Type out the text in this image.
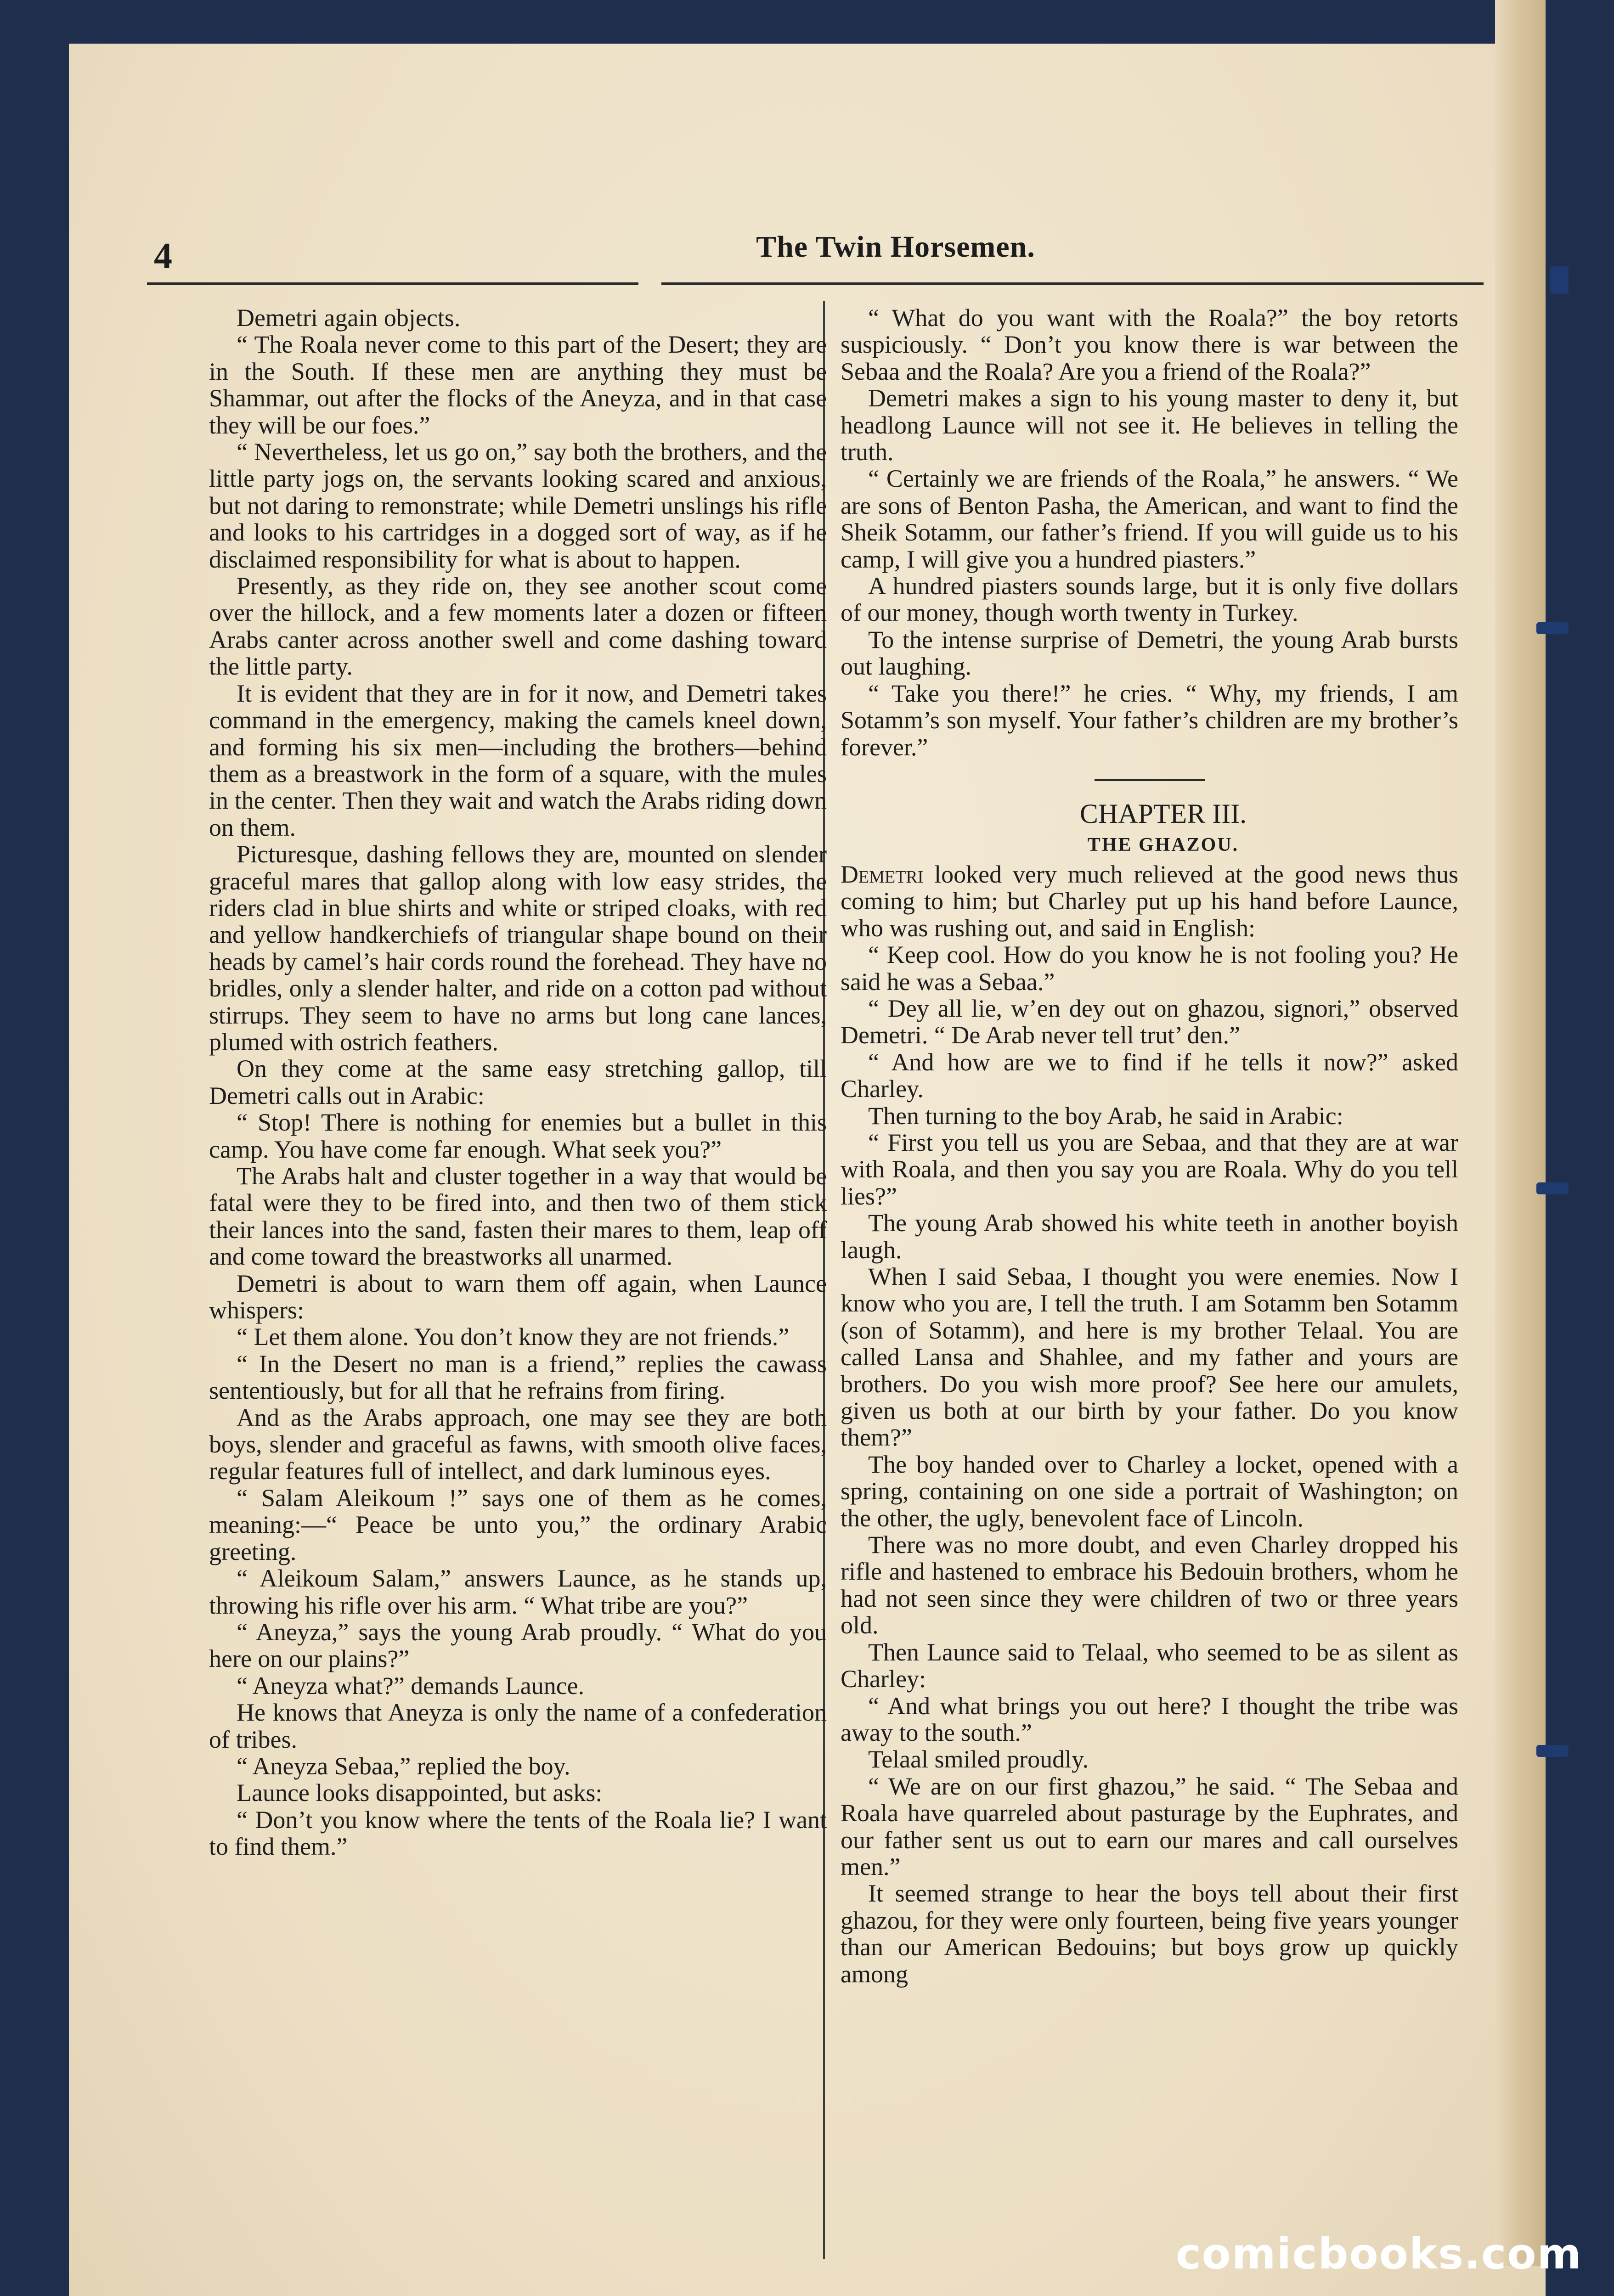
4	The Twin Horsemen.

Demetri again objects.

“ The Roala never come to this part of the Desert; they are in the South. If these men are anything they must be Shammar, out after the flocks of the Aneyza, and in that case they will be our foes.”

“ Nevertheless, let us go on,” say both the brothers, and the little party jogs on, the servants looking scared and anxious, but not daring to remonstrate; while Demetri unslings his rifle and looks to his cartridges in a dogged sort of way, as if he disclaimed responsibility for what is about to happen.

Presently, as they ride on, they see another scout come over the hillock, and a few moments later a dozen or fifteen Arabs canter across another swell and come dashing toward the little party.

It is evident that they are in for it now, and Demetri takes command in the emergency, making the camels kneel down, and forming his six men—including the brothers—behind them as a breastwork in the form of a square, with the mules in the center. Then they wait and watch the Arabs riding down on them.

Picturesque, dashing fellows they are, mounted on slender graceful mares that gallop along with low easy strides, the riders clad in blue shirts and white or striped cloaks, with red and yellow handkerchiefs of triangular shape bound on their heads by camel’s hair cords round the forehead. They have no bridles, only a slender halter, and ride on a cotton pad without stirrups. They seem to have no arms but long cane lances, plumed with ostrich feathers.

On they come at the same easy stretching gallop, till Demetri calls out in Arabic:

“ Stop! There is nothing for enemies but a bullet in this camp. You have come far enough. What seek you?”

The Arabs halt and cluster together in a way that would be fatal were they to be fired into, and then two of them stick their lances into the sand, fasten their mares to them, leap off and come toward the breastworks all unarmed.

Demetri is about to warn them off again, when Launce whispers:

“ Let them alone. You don’t know they are not friends.”

“ In the Desert no man is a friend,” replies the cawass sententiously, but for all that he refrains from firing.

And as the Arabs approach, one may see they are both boys, slender and graceful as fawns, with smooth olive faces, regular features full of intellect, and dark luminous eyes.

“ Salam Aleikoum !” says one of them as he comes, meaning:—“ Peace be unto you,” the ordinary Arabic greeting.

“ Aleikoum Salam,” answers Launce, as he stands up, throwing his rifle over his arm. “ What tribe are you?”

“ Aneyza,” says the young Arab proudly. “ What do you here on our plains?”

“ Aneyza what?” demands Launce.

He knows that Aneyza is only the name of a confederation of tribes.

“ Aneyza Sebaa,” replied the boy.

Launce looks disappointed, but asks:

“ Don’t you know where the tents of the Roala lie? I want to find them.”

“ What do you want with the Roala?” the boy retorts suspiciously. “ Don’t you know there is war between the Sebaa and the Roala? Are you a friend of the Roala?”

Demetri makes a sign to his young master to deny it, but headlong Launce will not see it. He believes in telling the truth.

“ Certainly we are friends of the Roala,” he answers. “ We are sons of Benton Pasha, the American, and want to find the Sheik Sotamm, our father’s friend. If you will guide us to his camp, I will give you a hundred piasters.”

A hundred piasters sounds large, but it is only five dollars of our money, though worth twenty in Turkey.

To the intense surprise of Demetri, the young Arab bursts out laughing.

“ Take you there!” he cries. “ Why, my friends, I am Sotamm’s son myself. Your father’s children are my brother’s forever.”

CHAPTER III.

THE GHAZOU.

Demetri looked very much relieved at the good news thus coming to him; but Charley put up his hand before Launce, who was rushing out, and said in English:

“ Keep cool. How do you know he is not fooling you? He said he was a Sebaa.”

“ Dey all lie, w’en dey out on ghazou, signori,” observed Demetri. “ De Arab never tell trut’ den.”

“ And how are we to find if he tells it now?” asked Charley.

Then turning to the boy Arab, he said in Arabic:

“ First you tell us you are Sebaa, and that they are at war with Roala, and then you say you are Roala. Why do you tell lies?”

The young Arab showed his white teeth in another boyish laugh.

When I said Sebaa, I thought you were enemies. Now I know who you are, I tell the truth. I am Sotamm ben Sotamm (son of Sotamm), and here is my brother Telaal. You are called Lansa and Shahlee, and my father and yours are brothers. Do you wish more proof? See here our amulets, given us both at our birth by your father. Do you know them?”

The boy handed over to Charley a locket, opened with a spring, containing on one side a portrait of Washington; on the other, the ugly, benevolent face of Lincoln.

There was no more doubt, and even Charley dropped his rifle and hastened to embrace his Bedouin brothers, whom he had not seen since they were children of two or three years old.

Then Launce said to Telaal, who seemed to be as silent as Charley:

“ And what brings you out here? I thought the tribe was away to the south.”

Telaal smiled proudly.

“ We are on our first ghazou,” he said. “ The Sebaa and Roala have quarreled about pasturage by the Euphrates, and our father sent us out to earn our mares and call ourselves men.”

It seemed strange to hear the boys tell about their first ghazou, for they were only fourteen, being five years younger than our American Bedouins; but boys grow up quickly among

comicbooks.com
